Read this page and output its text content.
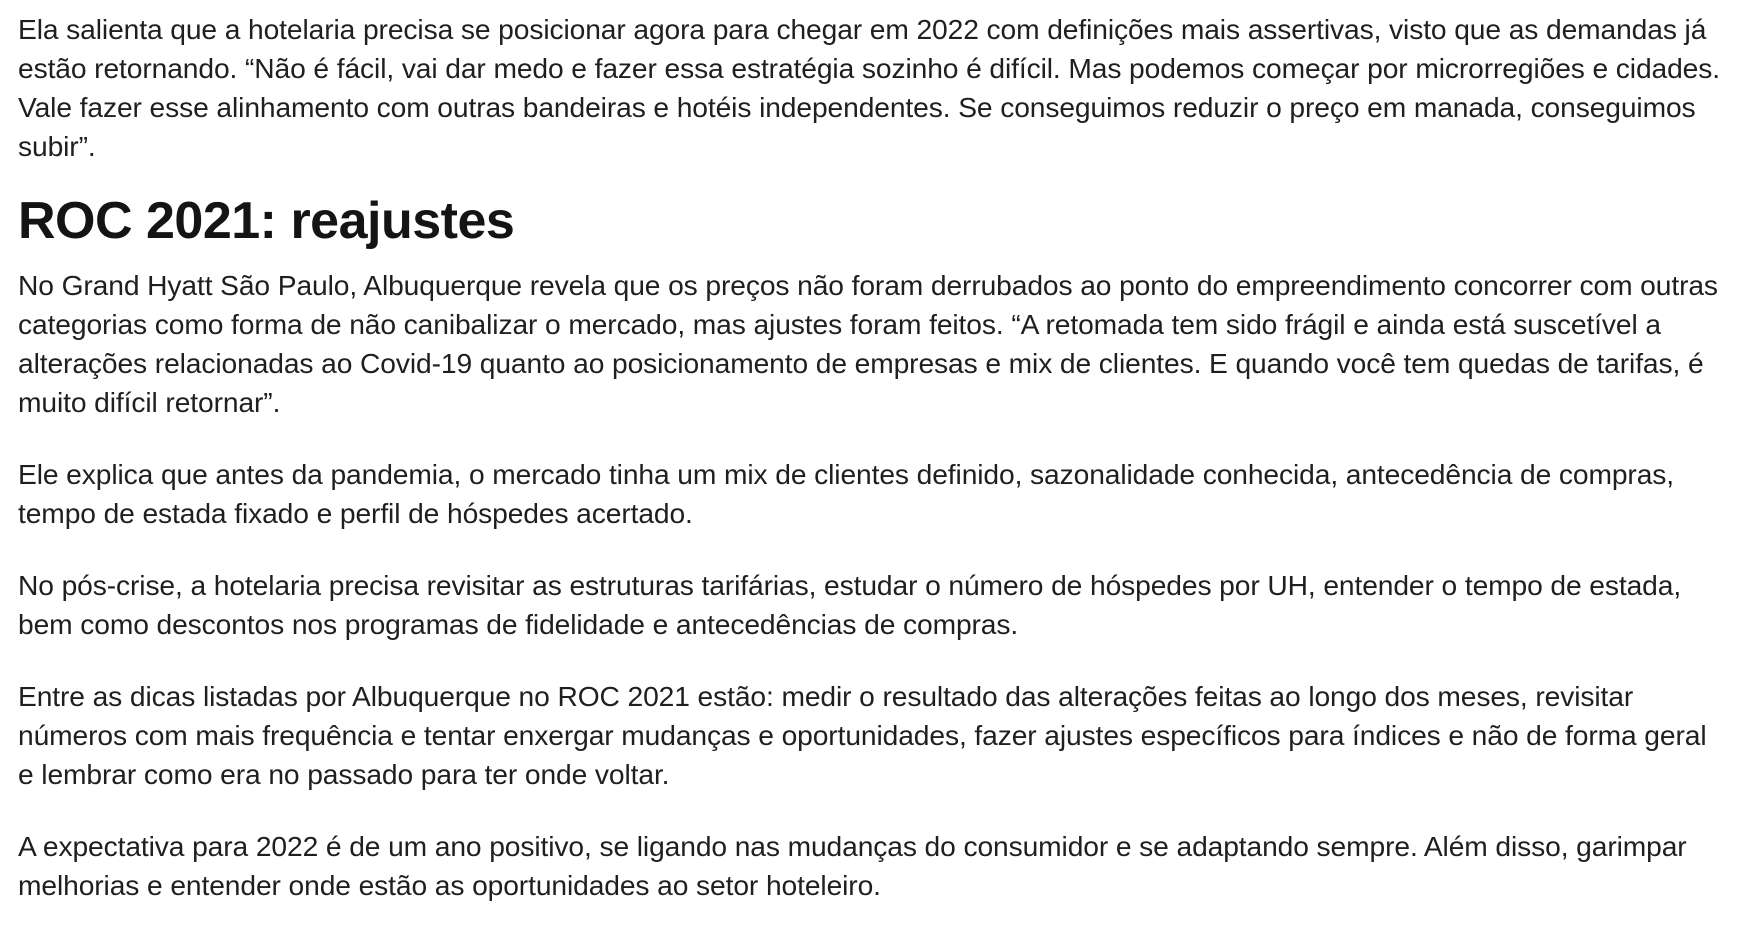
Ela salienta que a hotelaria precisa se posicionar agora para chegar em 2022 com definições mais assertivas, visto que as demandas já estão retornando. “Não é fácil, vai dar medo e fazer essa estratégia sozinho é difícil. Mas podemos começar por microrregiões e cidades. Vale fazer esse alinhamento com outras bandeiras e hotéis independentes. Se conseguimos reduzir o preço em manada, conseguimos subir”.

ROC 2021: reajustes

No Grand Hyatt São Paulo, Albuquerque revela que os preços não foram derrubados ao ponto do empreendimento concorrer com outras categorias como forma de não canibalizar o mercado, mas ajustes foram feitos. “A retomada tem sido frágil e ainda está suscetível a alterações relacionadas ao Covid-19 quanto ao posicionamento de empresas e mix de clientes. E quando você tem quedas de tarifas, é muito difícil retornar”.

Ele explica que antes da pandemia, o mercado tinha um mix de clientes definido, sazonalidade conhecida, antecedência de compras, tempo de estada fixado e perfil de hóspedes acertado.

No pós-crise, a hotelaria precisa revisitar as estruturas tarifárias, estudar o número de hóspedes por UH, entender o tempo de estada, bem como descontos nos programas de fidelidade e antecedências de compras.

Entre as dicas listadas por Albuquerque no ROC 2021 estão: medir o resultado das alterações feitas ao longo dos meses, revisitar números com mais frequência e tentar enxergar mudanças e oportunidades, fazer ajustes específicos para índices e não de forma geral e lembrar como era no passado para ter onde voltar.

A expectativa para 2022 é de um ano positivo, se ligando nas mudanças do consumidor e se adaptando sempre. Além disso, garimpar melhorias e entender onde estão as oportunidades ao setor hoteleiro.
